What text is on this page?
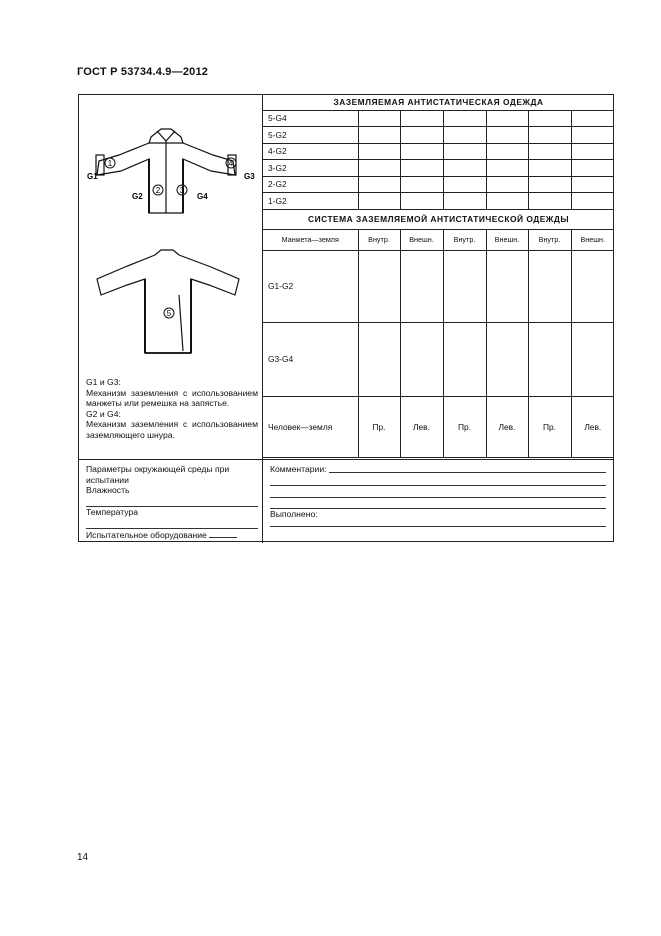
ГОСТ Р 53734.4.9—2012
1
2 3
4
G1
G2
G3
G4
5
G1 и G3:
Механизм заземления с использованием манжеты или ремешка на запястье.
G2 и G4:
Механизм заземления с использованием заземляющего шнура.
ЗАЗЕМЛЯЕМАЯ АНТИСТАТИЧЕСКАЯ ОДЕЖДА						
5-G4						
5-G2						
4-G2						
3-G2						
2-G2						
1-G2						
СИСТЕМА ЗАЗЕМЛЯЕМОЙ АНТИСТАТИЧЕСКОЙ ОДЕЖДЫ						
Манжета—земля	Внутр.	Внешн.	Внутр.	Внешн.	Внутр.	Внешн.
G1-G2						
G3-G4						
Человек—земля	Пр.	Лев.	Пр.	Лев.	Пр.	Лев.
Параметры окружающей среды при испытании
Влажность
Температура
Испытательное оборудование
Комментарии:
Выполнено:
14
